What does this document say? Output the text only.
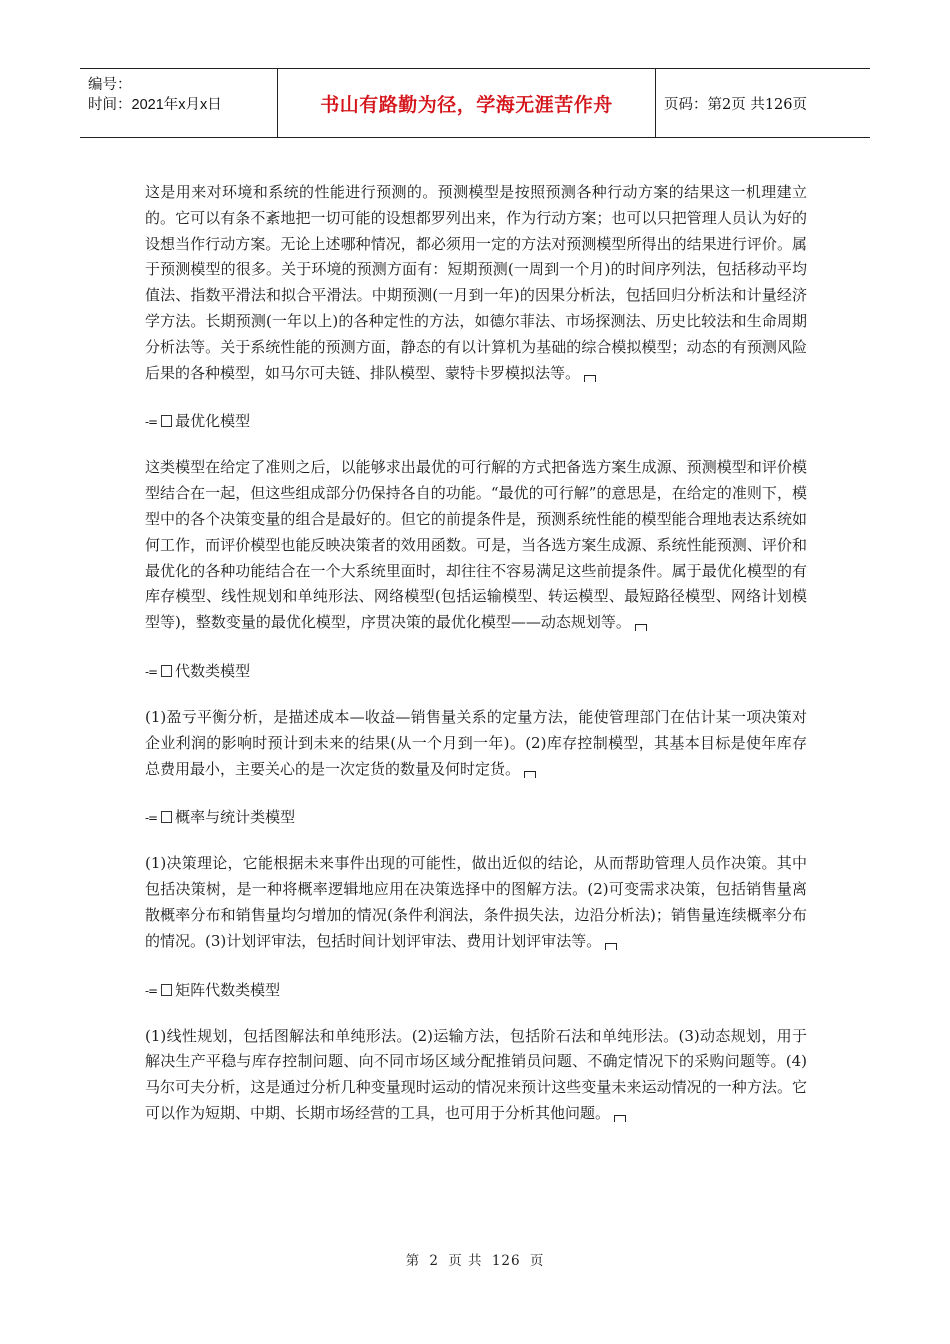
编号：
时间：2021年x月x日	书山有路勤为径，学海无涯苦作舟	页码：第2页 共126页

这是用来对环境和系统的性能进行预测的。预测模型是按照预测各种行动方案的结果这一机理建立的。它可以有条不紊地把一切可能的设想都罗列出来，作为行动方案；也可以只把管理人员认为好的设想当作行动方案。无论上述哪种情况，都必须用一定的方法对预测模型所得出的结果进行评价。属于预测模型的很多。关于环境的预测方面有：短期预测(一周到一个月)的时间序列法，包括移动平均值法、指数平滑法和拟合平滑法。中期预测(一月到一年)的因果分析法，包括回归分析法和计量经济学方法。长期预测(一年以上)的各种定性的方法，如德尔菲法、市场探测法、历史比较法和生命周期分析法等。关于系统性能的预测方面，静态的有以计算机为基础的综合模拟模型；动态的有预测风险后果的各种模型，如马尔可夫链、排队模型、蒙特卡罗模拟法等。

-= 最优化模型

这类模型在给定了准则之后，以能够求出最优的可行解的方式把备选方案生成源、预测模型和评价模型结合在一起，但这些组成部分仍保持各自的功能。“最优的可行解”的意思是，在给定的准则下，模型中的各个决策变量的组合是最好的。但它的前提条件是，预测系统性能的模型能合理地表达系统如何工作，而评价模型也能反映决策者的效用函数。可是，当各选方案生成源、系统性能预测、评价和最优化的各种功能结合在一个大系统里面时，却往往不容易满足这些前提条件。属于最优化模型的有库存模型、线性规划和单纯形法、网络模型(包括运输模型、转运模型、最短路径模型、网络计划模型等)，整数变量的最优化模型，序贯决策的最优化模型——动态规划等。

-= 代数类模型

(1)盈亏平衡分析，是描述成本—收益—销售量关系的定量方法，能使管理部门在估计某一项决策对企业利润的影响时预计到未来的结果(从一个月到一年)。(2)库存控制模型，其基本目标是使年库存总费用最小，主要关心的是一次定货的数量及何时定货。

-= 概率与统计类模型

(1)决策理论，它能根据未来事件出现的可能性，做出近似的结论，从而帮助管理人员作决策。其中包括决策树，是一种将概率逻辑地应用在决策选择中的图解方法。(2)可变需求决策，包括销售量离散概率分布和销售量均匀增加的情况(条件利润法，条件损失法，边沿分析法)；销售量连续概率分布的情况。(3)计划评审法，包括时间计划评审法、费用计划评审法等。

-= 矩阵代数类模型

(1)线性规划，包括图解法和单纯形法。(2)运输方法，包括阶石法和单纯形法。(3)动态规划，用于解决生产平稳与库存控制问题、向不同市场区域分配推销员问题、不确定情况下的采购问题等。(4)马尔可夫分析，这是通过分析几种变量现时运动的情况来预计这些变量未来运动情况的一种方法。它可以作为短期、中期、长期市场经营的工具，也可用于分析其他问题。

第 2 页 共 126 页
